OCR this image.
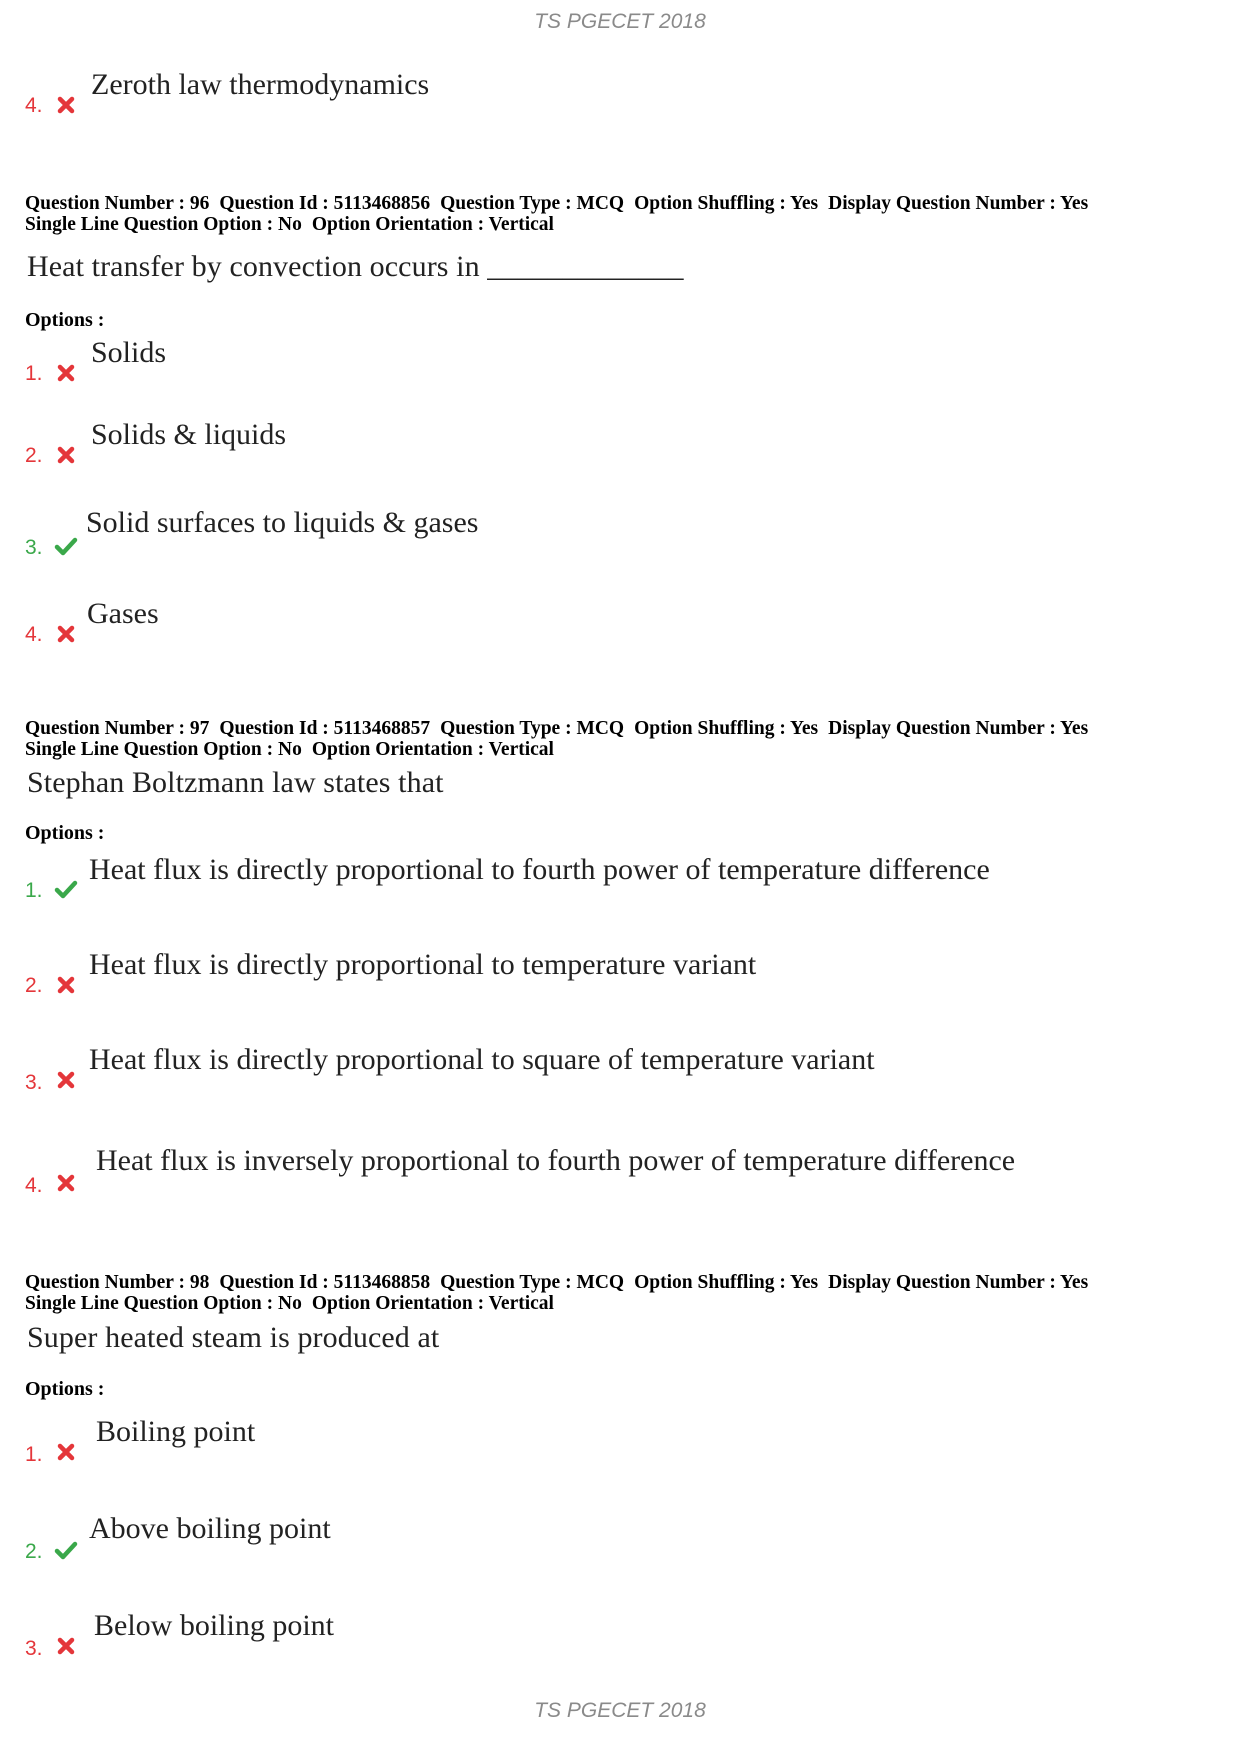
TS PGECET 2018
4.
Zeroth law thermodynamics
Question Number : 96 Question Id : 5113468856 Question Type : MCQ Option Shuffling : Yes Display Question Number : Yes
Single Line Question Option : No Option Orientation : Vertical
Heat transfer by convection occurs in _____________
Options :
1.
Solids
2.
Solids & liquids
3.
Solid surfaces to liquids & gases
4.
Gases
Question Number : 97 Question Id : 5113468857 Question Type : MCQ Option Shuffling : Yes Display Question Number : Yes
Single Line Question Option : No Option Orientation : Vertical
Stephan Boltzmann law states that
Options :
1.
Heat flux is directly proportional to fourth power of temperature difference
2.
Heat flux is directly proportional to temperature variant
3.
Heat flux is directly proportional to square of temperature variant
4.
Heat flux is inversely proportional to fourth power of temperature difference
Question Number : 98 Question Id : 5113468858 Question Type : MCQ Option Shuffling : Yes Display Question Number : Yes
Single Line Question Option : No Option Orientation : Vertical
Super heated steam is produced at
Options :
1.
Boiling point
2.
Above boiling point
3.
Below boiling point
TS PGECET 2018
